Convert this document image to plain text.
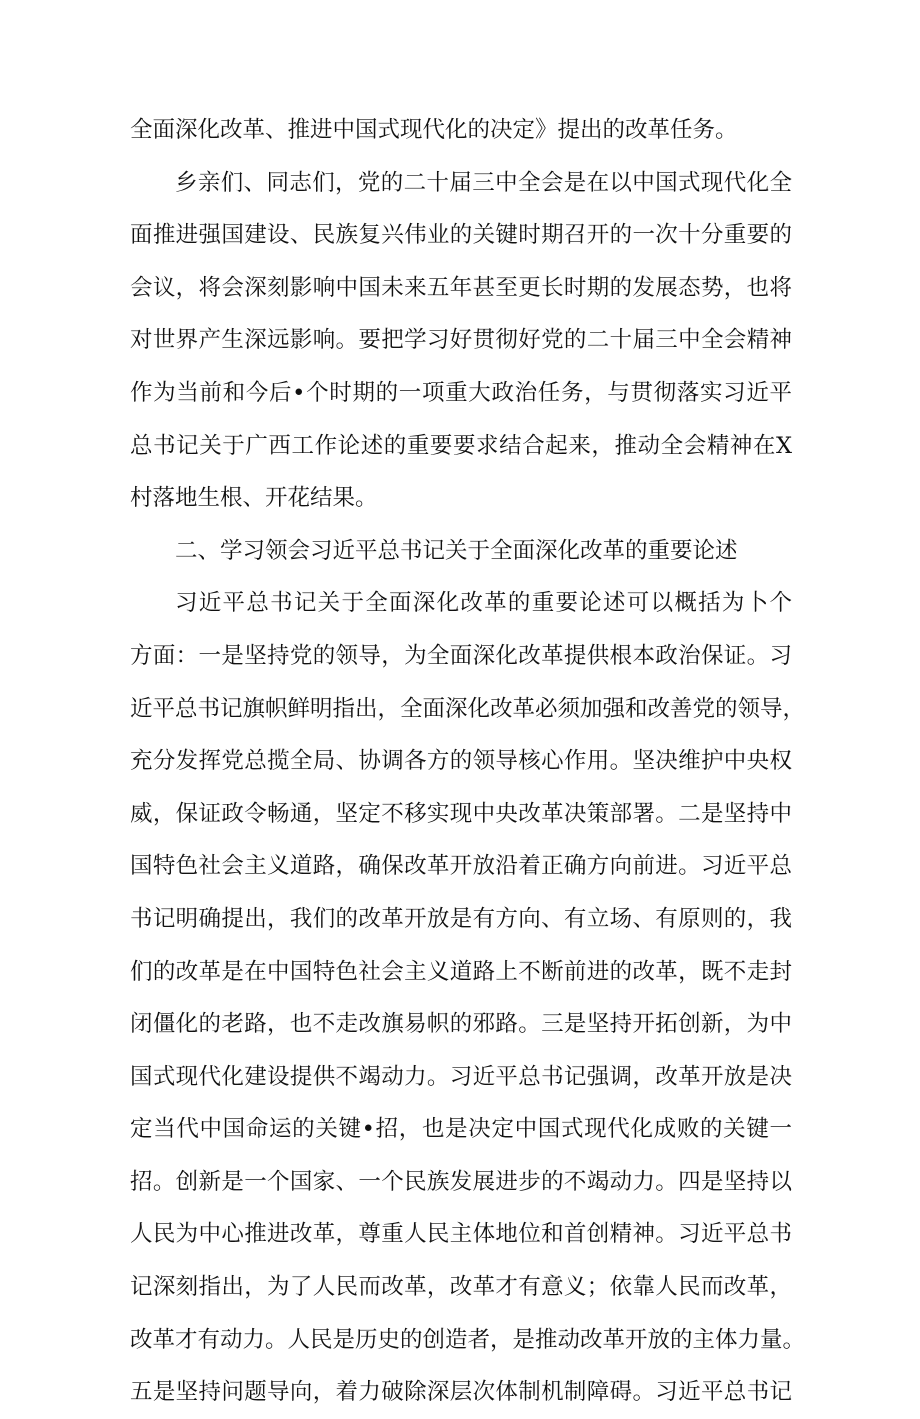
全面深化改革、推进中国式现代化的决定》提出的改革任务。
乡亲们、同志们，党的二十届三中全会是在以中国式现代化全
面推进强国建设、民族复兴伟业的关键时期召开的一次十分重要的
会议，将会深刻影响中国未来五年甚至更长时期的发展态势，也将
对世界产生深远影响。要把学习好贯彻好党的二十届三中全会精神
作为当前和今后•个时期的一项重大政治任务，与贯彻落实习近平
总书记关于广西工作论述的重要要求结合起来，推动全会精神在X
村落地生根、开花结果。
二、学习领会习近平总书记关于全面深化改革的重要论述
习近平总书记关于全面深化改革的重要论述可以概括为卜个
方面：一是坚持党的领导，为全面深化改革提供根本政治保证。习
近平总书记旗帜鲜明指出，全面深化改革必须加强和改善党的领导，
充分发挥党总揽全局、协调各方的领导核心作用。坚决维护中央权
威，保证政令畅通，坚定不移实现中央改革决策部署。二是坚持中
国特色社会主义道路，确保改革开放沿着正确方向前进。习近平总
书记明确提出，我们的改革开放是有方向、有立场、有原则的，我
们的改革是在中国特色社会主义道路上不断前进的改革，既不走封
闭僵化的老路，也不走改旗易帜的邪路。三是坚持开拓创新，为中
国式现代化建设提供不竭动力。习近平总书记强调，改革开放是决
定当代中国命运的关键•招，也是决定中国式现代化成败的关键一
招。创新是一个国家、一个民族发展进步的不竭动力。四是坚持以
人民为中心推进改革，尊重人民主体地位和首创精神。习近平总书
记深刻指出，为了人民而改革，改革才有意义；依靠人民而改革，
改革才有动力。人民是历史的创造者，是推动改革开放的主体力量。
五是坚持问题导向，着力破除深层次体制机制障碍。习近平总书记
